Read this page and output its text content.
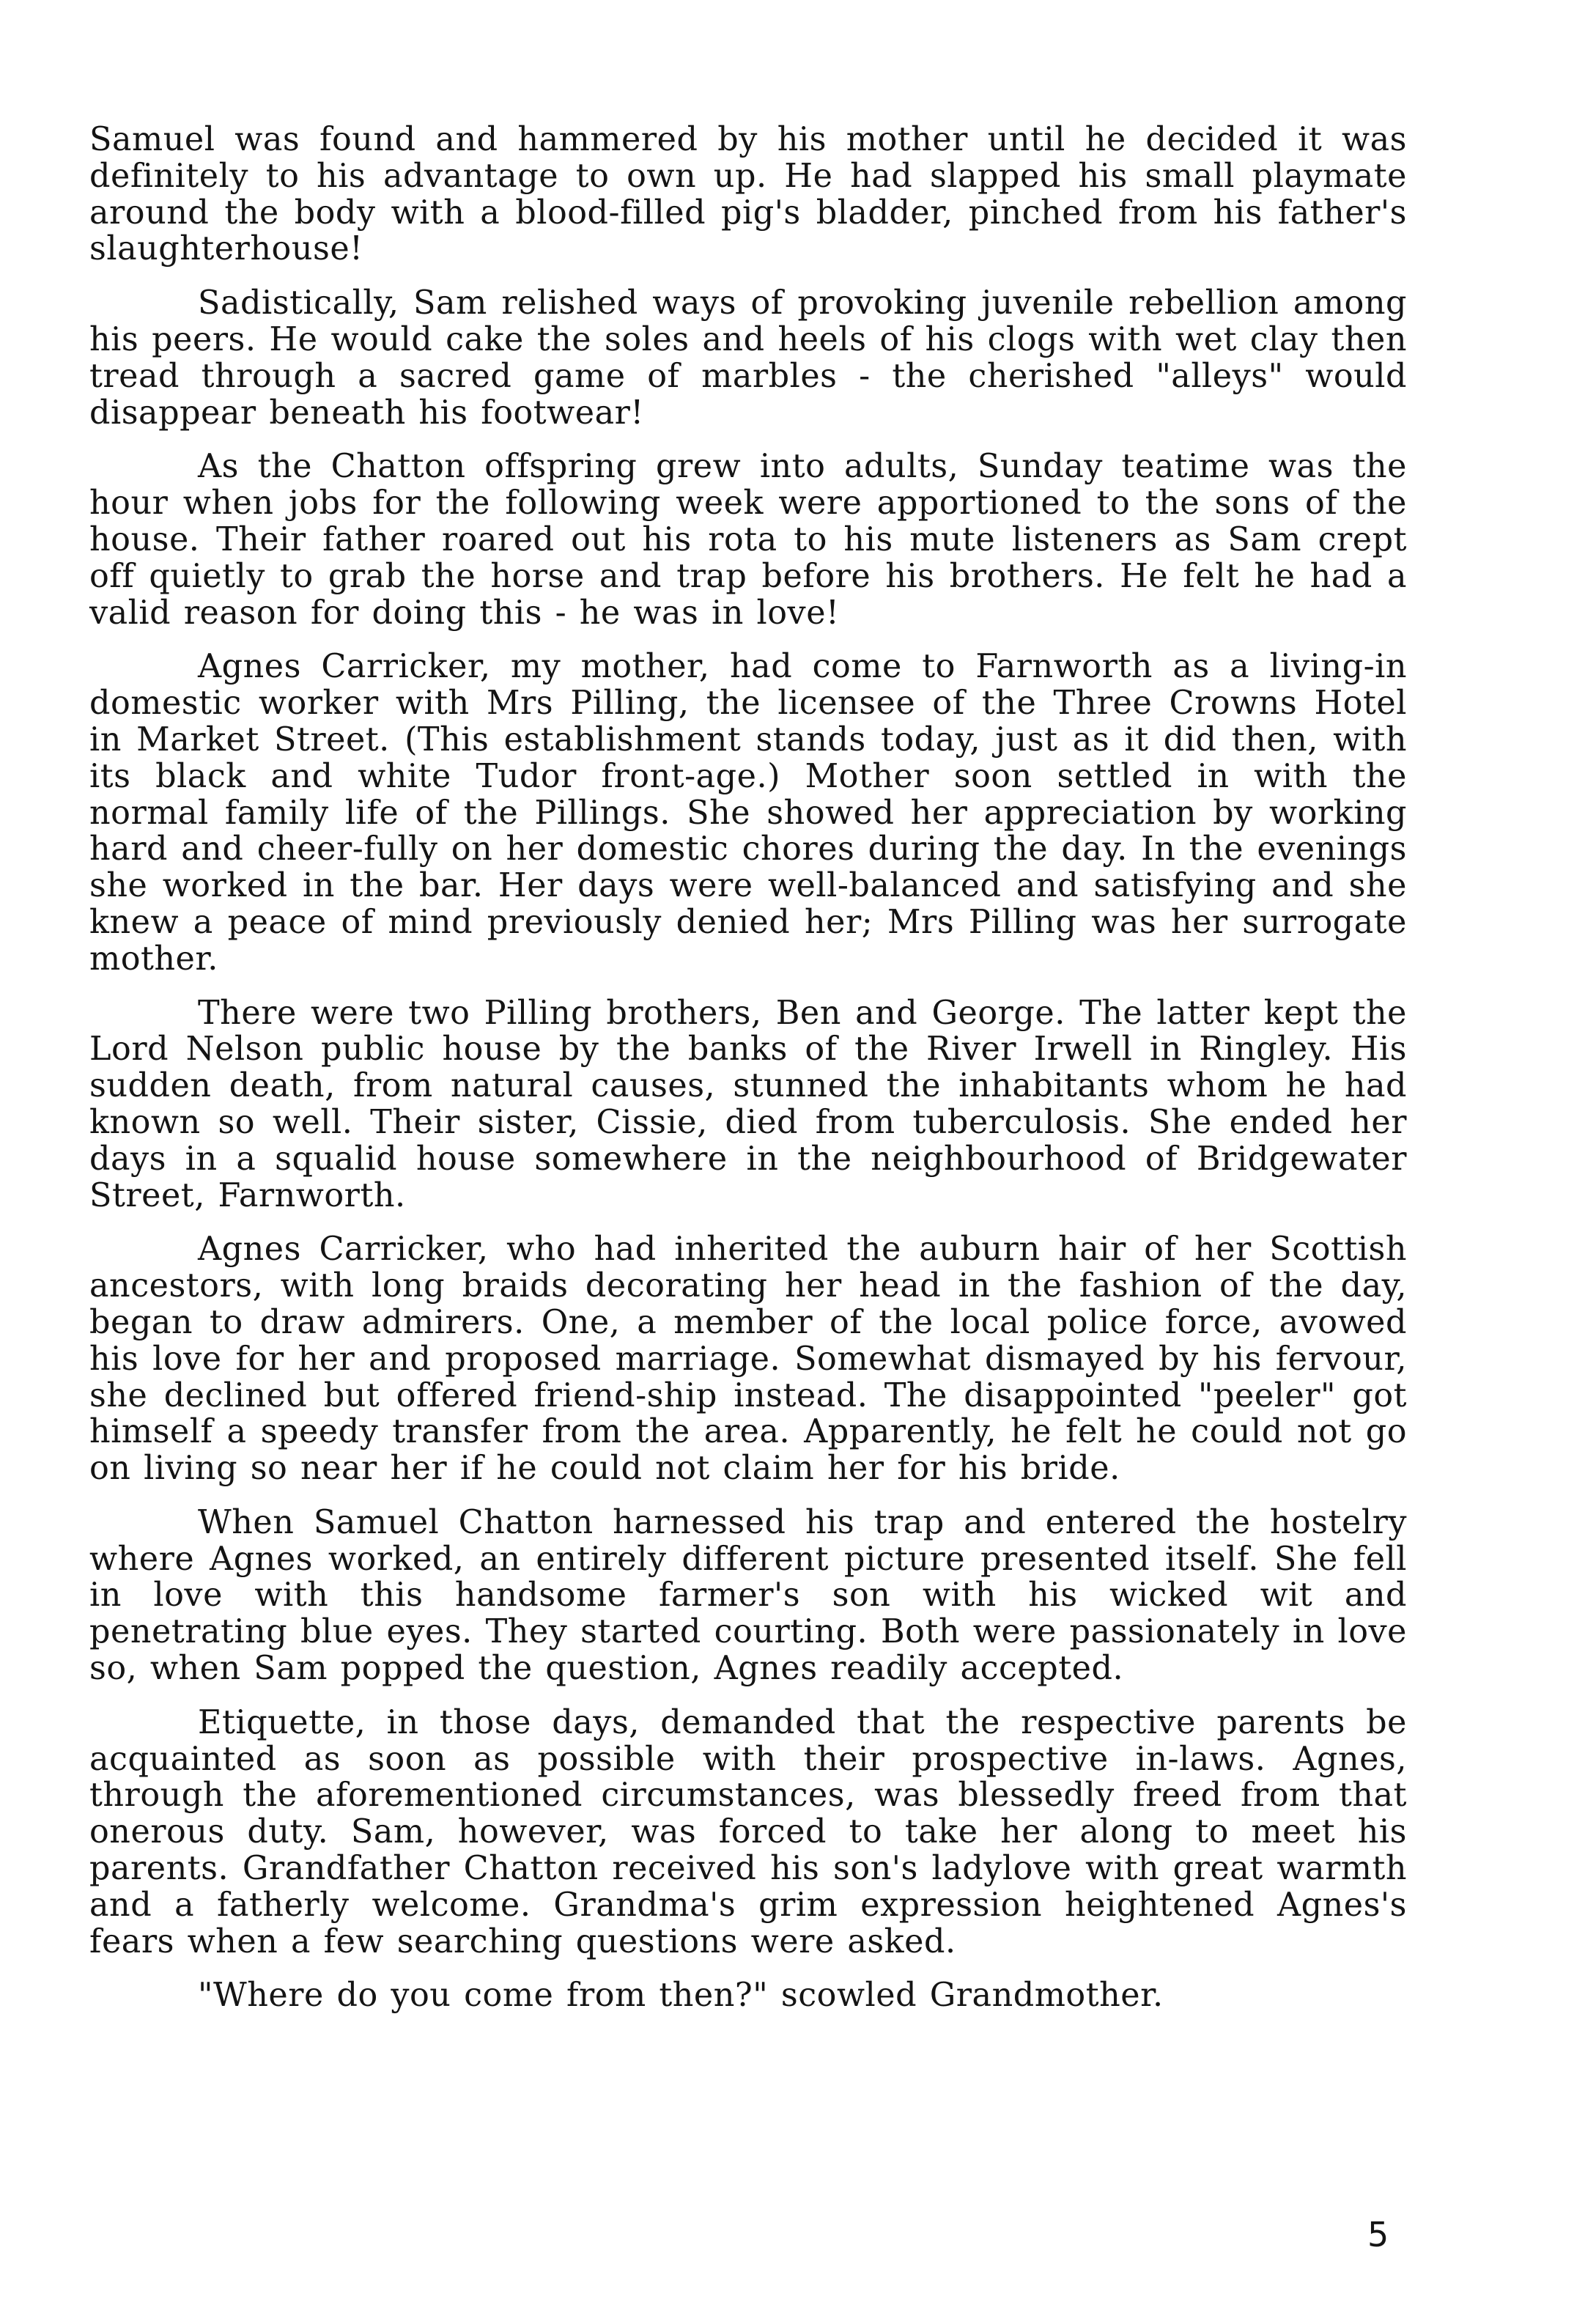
Samuel was found and hammered by his mother until he decided it was definitely to his advantage to own up. He had slapped his small playmate around the body with a blood-filled pig's bladder, pinched from his father's slaughterhouse!

Sadistically, Sam relished ways of provoking juvenile rebellion among his peers. He would cake the soles and heels of his clogs with wet clay then tread through a sacred game of marbles - the cherished "alleys" would disappear beneath his footwear!

As the Chatton offspring grew into adults, Sunday teatime was the hour when jobs for the following week were apportioned to the sons of the house. Their father roared out his rota to his mute listeners as Sam crept off quietly to grab the horse and trap before his brothers. He felt he had a valid reason for doing this - he was in love!

Agnes Carricker, my mother, had come to Farnworth as a living-in domestic worker with Mrs Pilling, the licensee of the Three Crowns Hotel in Market Street. (This establishment stands today, just as it did then, with its black and white Tudor front-age.) Mother soon settled in with the normal family life of the Pillings. She showed her appreciation by working hard and cheer-fully on her domestic chores during the day. In the evenings she worked in the bar. Her days were well-balanced and satisfying and she knew a peace of mind previously denied her; Mrs Pilling was her surrogate mother.

There were two Pilling brothers, Ben and George. The latter kept the Lord Nelson public house by the banks of the River Irwell in Ringley. His sudden death, from natural causes, stunned the inhabitants whom he had known so well. Their sister, Cissie, died from tuberculosis. She ended her days in a squalid house somewhere in the neighbourhood of Bridgewater Street, Farnworth.

Agnes Carricker, who had inherited the auburn hair of her Scottish ancestors, with long braids decorating her head in the fashion of the day, began to draw admirers. One, a member of the local police force, avowed his love for her and proposed marriage. Somewhat dismayed by his fervour, she declined but offered friend-ship instead. The disappointed "peeler" got himself a speedy transfer from the area. Apparently, he felt he could not go on living so near her if he could not claim her for his bride.

When Samuel Chatton harnessed his trap and entered the hostelry where Agnes worked, an entirely different picture presented itself. She fell in love with this handsome farmer's son with his wicked wit and penetrating blue eyes. They started courting. Both were passionately in love so, when Sam popped the question, Agnes readily accepted.

Etiquette, in those days, demanded that the respective parents be acquainted as soon as possible with their prospective in-laws. Agnes, through the aforementioned circumstances, was blessedly freed from that onerous duty. Sam, however, was forced to take her along to meet his parents. Grandfather Chatton received his son's ladylove with great warmth and a fatherly welcome. Grandma's grim expression heightened Agnes's fears when a few searching questions were asked.

"Where do you come from then?" scowled Grandmother.

5
